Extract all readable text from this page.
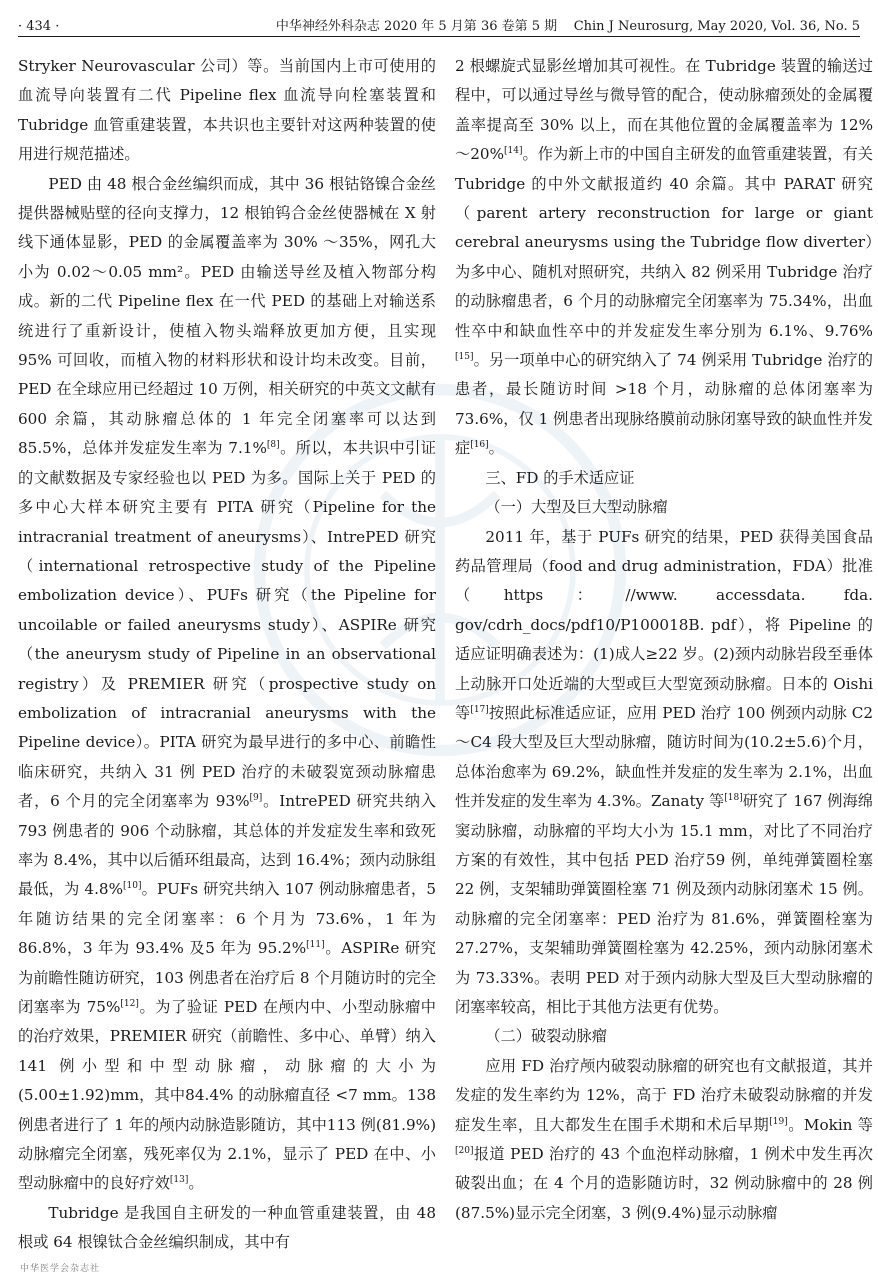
· 434 ·	中华神经外科杂志 2020 年 5 月第 36 卷第 5 期 Chin J Neurosurg, May 2020, Vol. 36, No. 5

Stryker Neurovascular 公司）等。当前国内上市可使用的血流导向装置有二代 Pipeline flex 血流导向栓塞装置和 Tubridge 血管重建装置，本共识也主要针对这两种装置的使用进行规范描述。

PED 由 48 根合金丝编织而成，其中 36 根钴铬镍合金丝提供器械贴壁的径向支撑力，12 根铂钨合金丝使器械在 X 射线下通体显影，PED 的金属覆盖率为 30% ～35%，网孔大小为 0.02～0.05 mm²。PED 由输送导丝及植入物部分构成。新的二代 Pipeline flex 在一代 PED 的基础上对输送系统进行了重新设计，使植入物头端释放更加方便，且实现 95% 可回收，而植入物的材料形状和设计均未改变。目前，PED 在全球应用已经超过 10 万例，相关研究的中英文文献有 600 余篇，其动脉瘤总体的 1 年完全闭塞率可以达到 85.5%，总体并发症发生率为 7.1%[8]。所以，本共识中引证的文献数据及专家经验也以 PED 为多。国际上关于 PED 的多中心大样本研究主要有 PITA 研究（Pipeline for the intracranial treatment of aneurysms）、IntrePED 研究（international retrospective study of the Pipeline embolization device）、PUFs 研究（the Pipeline for uncoilable or failed aneurysms study）、ASPIRe 研究（the aneurysm study of Pipeline in an observational registry）及 PREMIER 研究（prospective study on embolization of intracranial aneurysms with the Pipeline device）。PITA 研究为最早进行的多中心、前瞻性临床研究，共纳入 31 例 PED 治疗的未破裂宽颈动脉瘤患者，6 个月的完全闭塞率为 93%[9]。IntrePED 研究共纳入793 例患者的 906 个动脉瘤，其总体的并发症发生率和致死率为 8.4%，其中以后循环组最高，达到 16.4%；颈内动脉组最低，为 4.8%[10]。PUFs 研究共纳入 107 例动脉瘤患者，5 年随访结果的完全闭塞率：6 个月为 73.6%，1 年为 86.8%，3 年为 93.4% 及5 年为 95.2%[11]。ASPIRe 研究为前瞻性随访研究，103 例患者在治疗后 8 个月随访时的完全闭塞率为 75%[12]。为了验证 PED 在颅内中、小型动脉瘤中的治疗效果，PREMIER 研究（前瞻性、多中心、单臂）纳入 141 例小型和中型动脉瘤，动脉瘤的大小为(5.00±1.92)mm，其中84.4% 的动脉瘤直径 <7 mm。138 例患者进行了 1 年的颅内动脉造影随访，其中113 例(81.9%)动脉瘤完全闭塞，残死率仅为 2.1%，显示了 PED 在中、小型动脉瘤中的良好疗效[13]。

Tubridge 是我国自主研发的一种血管重建装置，由 48 根或 64 根镍钛合金丝编织制成，其中有

2 根螺旋式显影丝增加其可视性。在 Tubridge 装置的输送过程中，可以通过导丝与微导管的配合，使动脉瘤颈处的金属覆盖率提高至 30% 以上，而在其他位置的金属覆盖率为 12% ～20%[14]。作为新上市的中国自主研发的血管重建装置，有关 Tubridge 的中外文献报道约 40 余篇。其中 PARAT 研究（parent artery reconstruction for large or giant cerebral aneurysms using the Tubridge flow diverter）为多中心、随机对照研究，共纳入 82 例采用 Tubridge 治疗的动脉瘤患者，6 个月的动脉瘤完全闭塞率为 75.34%，出血性卒中和缺血性卒中的并发症发生率分别为 6.1%、9.76%[15]。另一项单中心的研究纳入了 74 例采用 Tubridge 治疗的患者，最长随访时间 >18 个月，动脉瘤的总体闭塞率为 73.6%，仅 1 例患者出现脉络膜前动脉闭塞导致的缺血性并发症[16]。

三、FD 的手术适应证

（一）大型及巨大型动脉瘤

2011 年，基于 PUFs 研究的结果，PED 获得美国食品药品管理局（food and drug administration，FDA）批准（https：//www. accessdata. fda. gov/cdrh_docs/pdf10/P100018B. pdf），将 Pipeline 的适应证明确表述为：(1)成人≥22 岁。(2)颈内动脉岩段至垂体上动脉开口处近端的大型或巨大型宽颈动脉瘤。日本的 Oishi 等[17]按照此标准适应证，应用 PED 治疗 100 例颈内动脉 C2～C4 段大型及巨大型动脉瘤，随访时间为(10.2±5.6)个月，总体治愈率为 69.2%，缺血性并发症的发生率为 2.1%，出血性并发症的发生率为 4.3%。Zanaty 等[18]研究了 167 例海绵窦动脉瘤，动脉瘤的平均大小为 15.1 mm，对比了不同治疗方案的有效性，其中包括 PED 治疗59 例，单纯弹簧圈栓塞 22 例，支架辅助弹簧圈栓塞 71 例及颈内动脉闭塞术 15 例。动脉瘤的完全闭塞率：PED 治疗为 81.6%，弹簧圈栓塞为 27.27%，支架辅助弹簧圈栓塞为 42.25%，颈内动脉闭塞术为 73.33%。表明 PED 对于颈内动脉大型及巨大型动脉瘤的闭塞率较高，相比于其他方法更有优势。

（二）破裂动脉瘤

应用 FD 治疗颅内破裂动脉瘤的研究也有文献报道，其并发症的发生率约为 12%，高于 FD 治疗未破裂动脉瘤的并发症发生率，且大都发生在围手术期和术后早期[19]。Mokin 等[20]报道 PED 治疗的 43 个血泡样动脉瘤，1 例术中发生再次破裂出血；在 4 个月的造影随访时，32 例动脉瘤中的 28 例(87.5%)显示完全闭塞，3 例(9.4%)显示动脉瘤

中华医学会杂志社
